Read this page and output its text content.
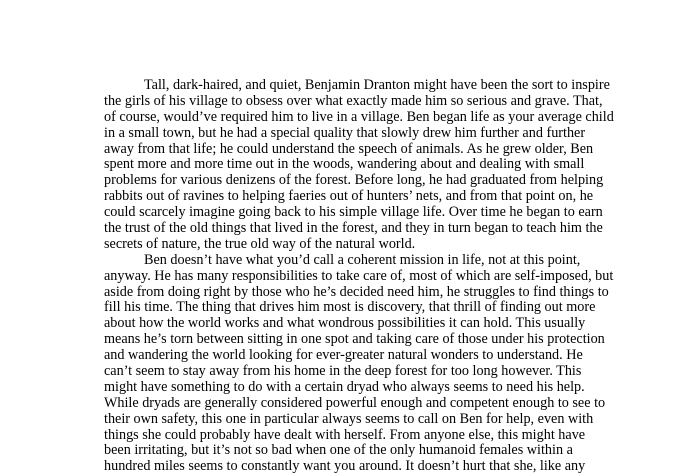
Tall, dark-haired, and quiet, Benjamin Dranton might have been the sort to inspire
the girls of his village to obsess over what exactly made him so serious and grave. That,
of course, would’ve required him to live in a village. Ben began life as your average child
in a small town, but he had a special quality that slowly drew him further and further
away from that life; he could understand the speech of animals. As he grew older, Ben
spent more and more time out in the woods, wandering about and dealing with small
problems for various denizens of the forest. Before long, he had graduated from helping
rabbits out of ravines to helping faeries out of hunters’ nets, and from that point on, he
could scarcely imagine going back to his simple village life. Over time he began to earn
the trust of the old things that lived in the forest, and they in turn began to teach him the
secrets of nature, the true old way of the natural world.
Ben doesn’t have what you’d call a coherent mission in life, not at this point,
anyway. He has many responsibilities to take care of, most of which are self-imposed, but
aside from doing right by those who he’s decided need him, he struggles to find things to
fill his time. The thing that drives him most is discovery, that thrill of finding out more
about how the world works and what wondrous possibilities it can hold. This usually
means he’s torn between sitting in one spot and taking care of those under his protection
and wandering the world looking for ever-greater natural wonders to understand. He
can’t seem to stay away from his home in the deep forest for too long however. This
might have something to do with a certain dryad who always seems to need his help.
While dryads are generally considered powerful enough and competent enough to see to
their own safety, this one in particular always seems to call on Ben for help, even with
things she could probably have dealt with herself. From anyone else, this might have
been irritating, but it’s not so bad when one of the only humanoid females within a
hundred miles seems to constantly want you around. It doesn’t hurt that she, like any
